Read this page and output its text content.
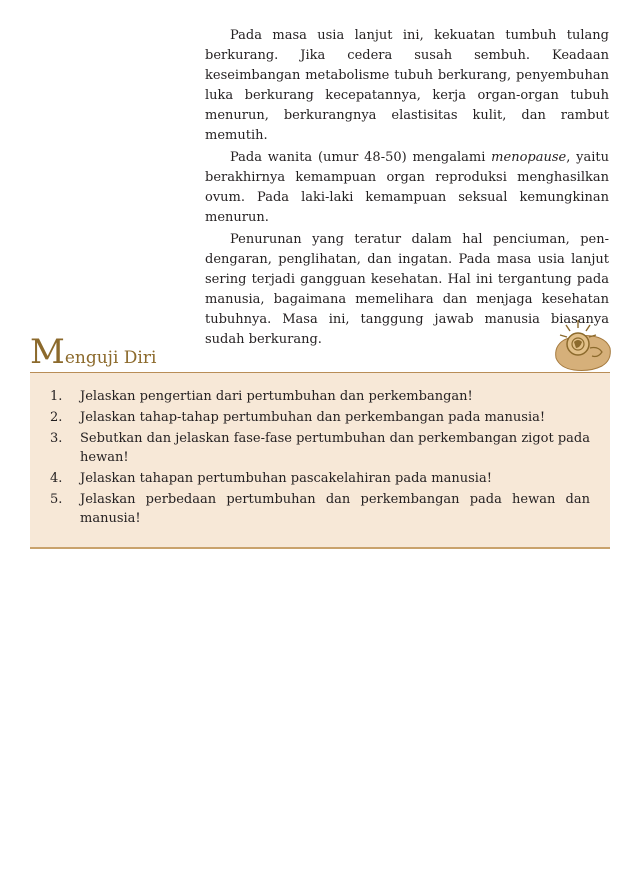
Pada masa usia lanjut ini, kekuatan tumbuh tulang berkurang. Jika cedera susah sembuh. Keadaan keseimbangan metabolisme tubuh berkurang, penyembuhan luka berkurang kecepatannya, kerja organ-organ tubuh menurun, berkurangnya elastisitas kulit, dan rambut memutih.

Pada wanita (umur 48-50) mengalami menopause, yaitu berakhirnya kemampuan organ reproduksi menghasilkan ovum. Pada laki-laki kemampuan seksual kemungkinan menurun.

Penurunan yang teratur dalam hal penciuman, pen-dengaran, penglihatan, dan ingatan. Pada masa usia lanjut sering terjadi gangguan kesehatan. Hal ini tergantung pada manusia, bagaimana memelihara dan menjaga kesehatan tubuhnya. Masa ini, tanggung jawab manusia biasanya sudah berkurang.

Menguji Diri
1.	Jelaskan pengertian dari pertumbuhan dan perkembangan!
2.	Jelaskan tahap-tahap pertumbuhan dan perkembangan pada manusia!
3.	Sebutkan dan jelaskan fase-fase pertumbuhan dan perkembangan zigot pada hewan!
4.	Jelaskan tahapan pertumbuhan pascakelahiran pada manusia!
5.	Jelaskan perbedaan pertumbuhan dan perkembangan pada hewan dan manusia!
